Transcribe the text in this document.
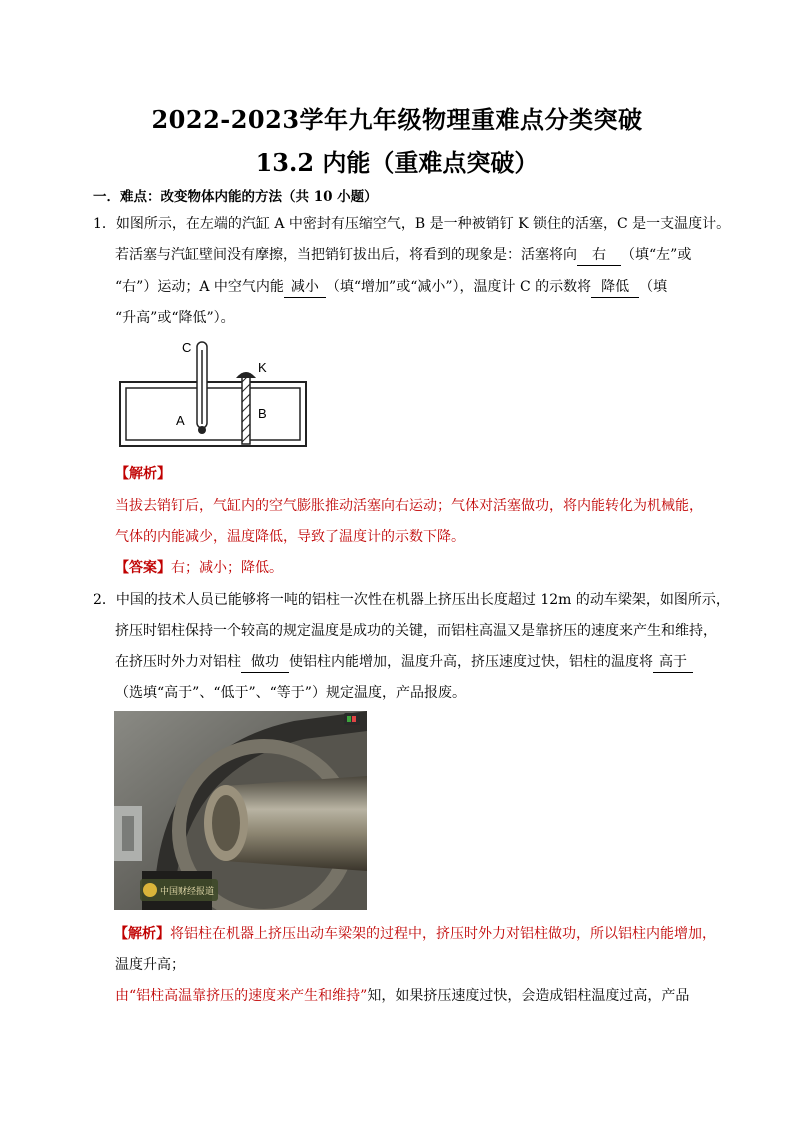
2022-2023学年九年级物理重难点分类突破
13.2 内能（重难点突破）
一．难点：改变物体内能的方法（共 10 小题）
1．如图所示，在左端的汽缸 A 中密封有压缩空气，B 是一种被销钉 K 锁住的活塞，C 是一支温度计。
若活塞与汽缸壁间没有摩擦，当把销钉拔出后，将看到的现象是：活塞将向 右 （填“左”或
“右”）运动；A 中空气内能 减小 （填“增加”或“减小”），温度计 C 的示数将 降低 （填
“升高”或“降低”）。
C
K
A	B
【解析】
当拔去销钉后，气缸内的空气膨胀推动活塞向右运动；气体对活塞做功，将内能转化为机械能，
气体的内能减少，温度降低，导致了温度计的示数下降。
【答案】右；减小；降低。
2．中国的技术人员已能够将一吨的铝柱一次性在机器上挤压出长度超过 12m 的动车梁架，如图所示，
挤压时铝柱保持一个较高的规定温度是成功的关键，而铝柱高温又是靠挤压的速度来产生和维持，
在挤压时外力对铝柱 做功 使铝柱内能增加，温度升高，挤压速度过快，铝柱的温度将 高于
（选填“高于”、“低于”、“等于”）规定温度，产品报废。
中国财经报道
【解析】将铝柱在机器上挤压出动车梁架的过程中，挤压时外力对铝柱做功，所以铝柱内能增加，
温度升高；
由“铝柱高温靠挤压的速度来产生和维持”知，如果挤压速度过快，会造成铝柱温度过高，产品
